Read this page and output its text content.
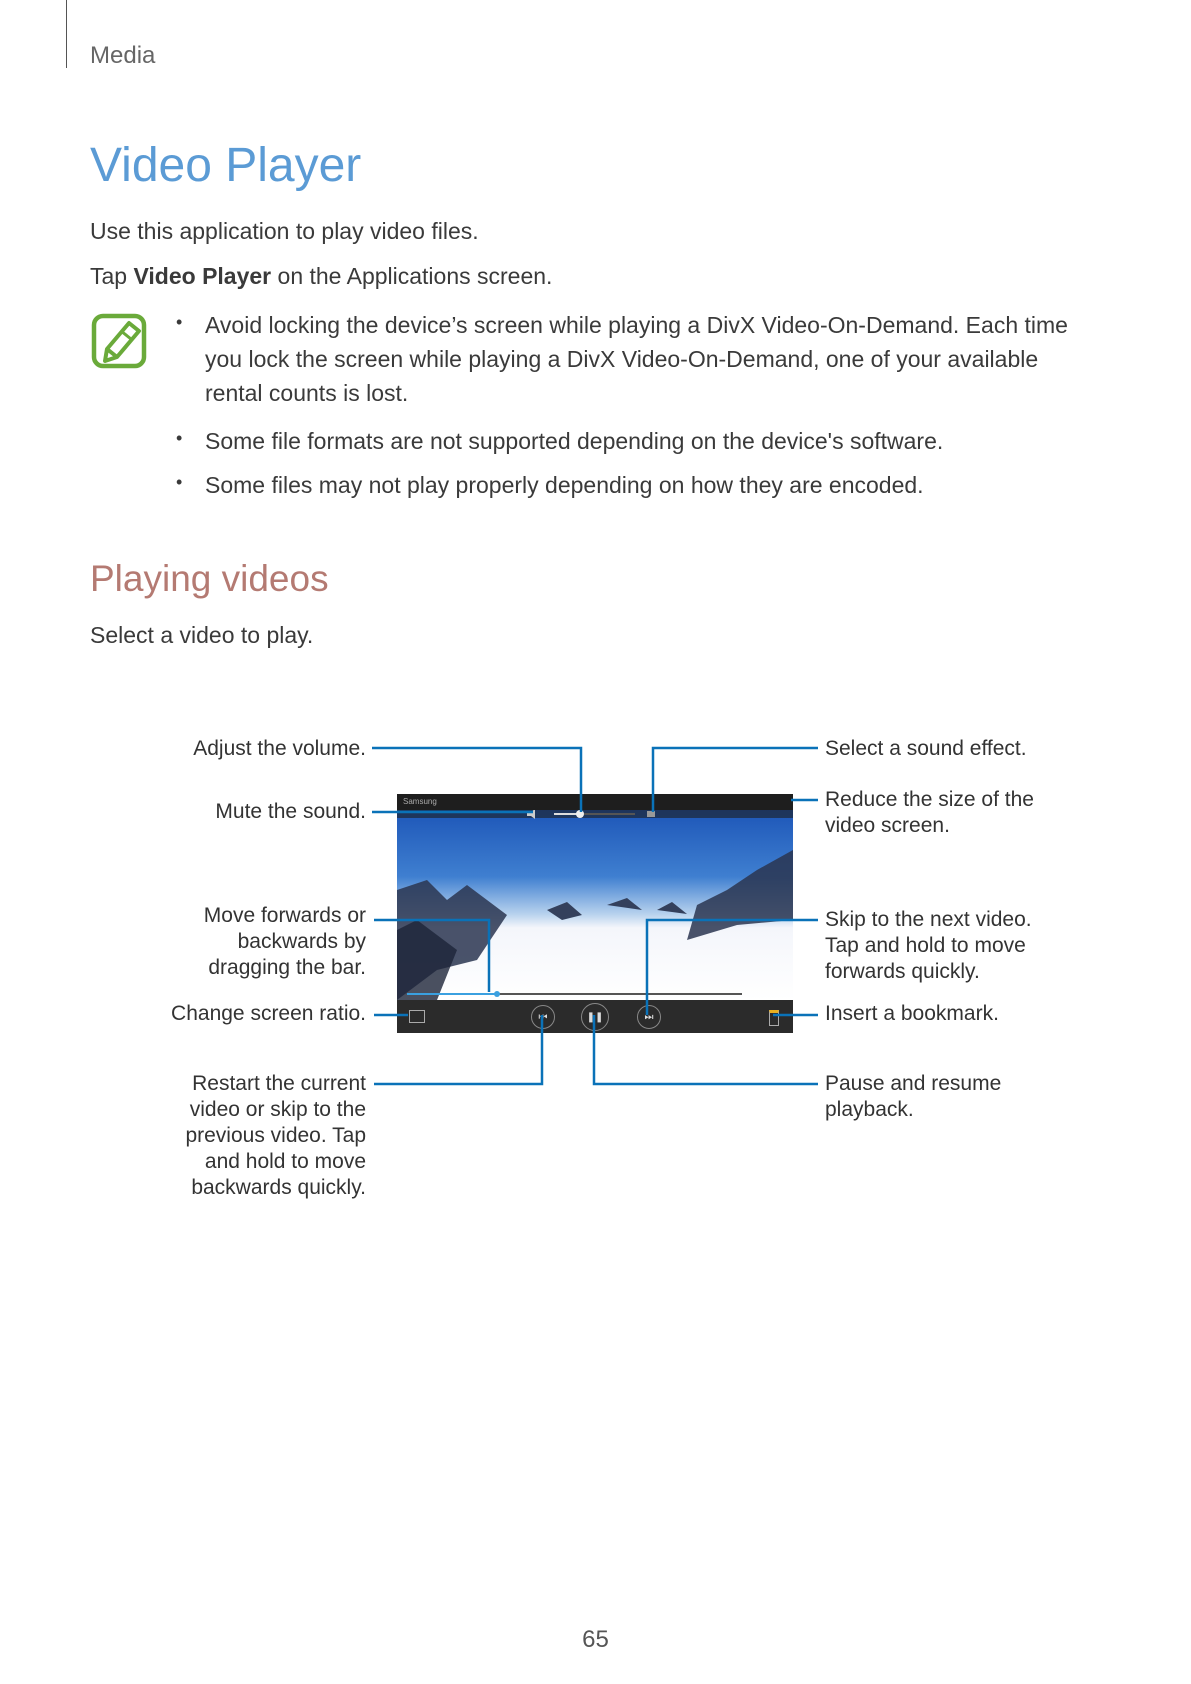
Media
Video Player
Use this application to play video files.
Tap Video Player on the Applications screen.
• Avoid locking the device’s screen while playing a DivX Video-On-Demand. Each time you lock the screen while playing a DivX Video-On-Demand, one of your available rental counts is lost.
• Some file formats are not supported depending on the device's software.
• Some files may not play properly depending on how they are encoded.
Playing videos
Select a video to play.
Samsung
⏮	❚❚	⏭
Adjust the volume.
Mute the sound.
Move forwards or
backwards by
dragging the bar.
Change screen ratio.
Restart the current
video or skip to the
previous video. Tap
and hold to move
backwards quickly.
Select a sound effect.
Reduce the size of the
video screen.
Skip to the next video.
Tap and hold to move
forwards quickly.
Insert a bookmark.
Pause and resume
playback.
65
